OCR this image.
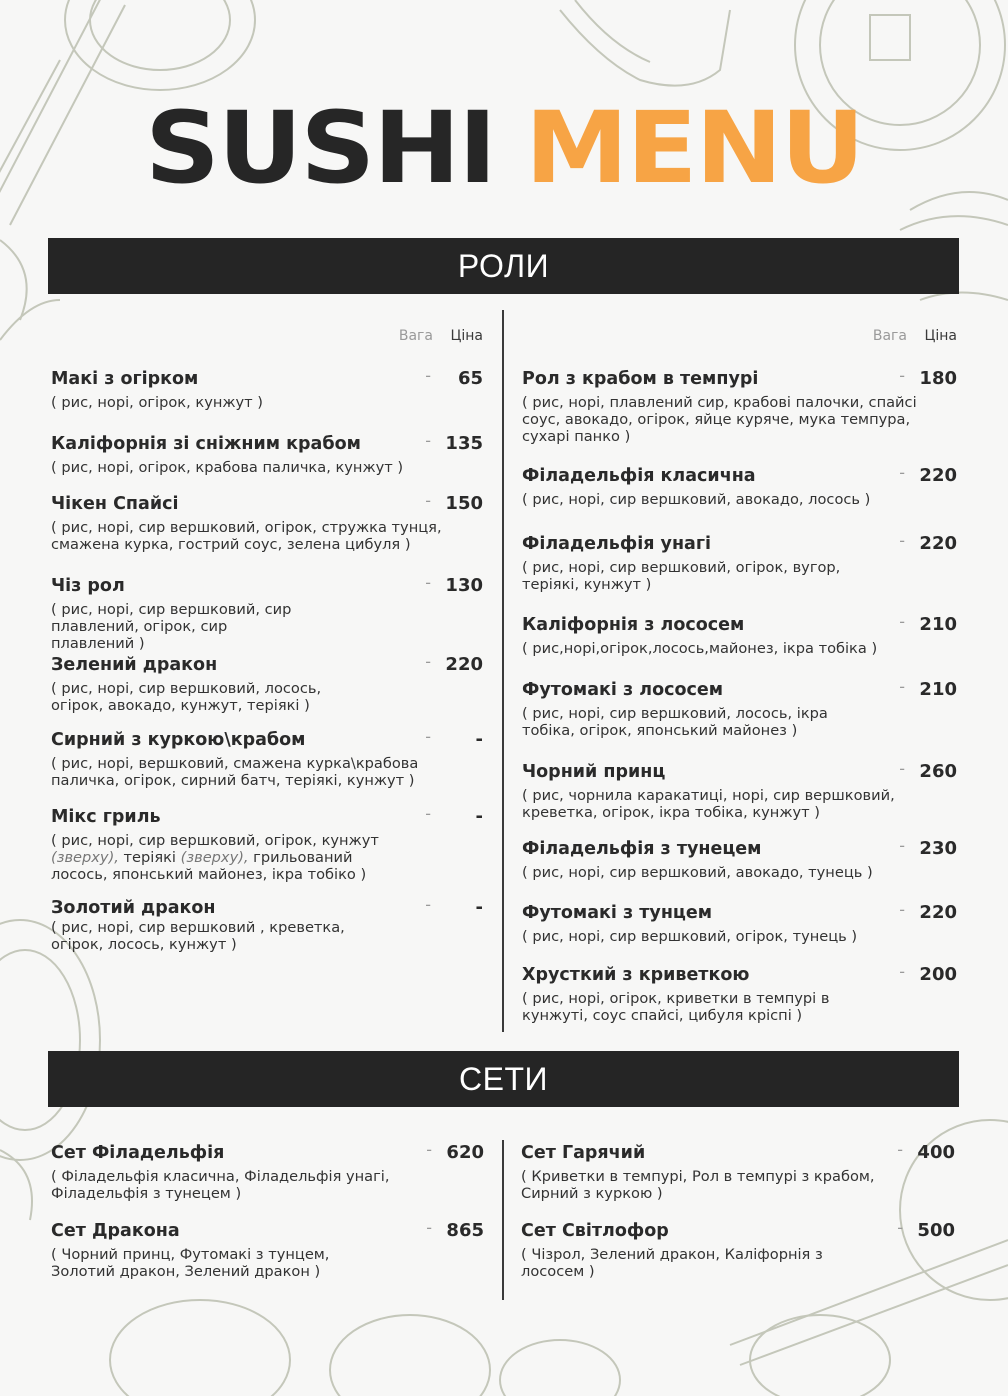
SUSHI MENU
РОЛИ
Вага Ціна
Макі з огірком	- 65
( рис, норі, огірок, кунжут )
Каліфорнія зі сніжним крабом	- 135
( рис, норі, огірок, крабова паличка, кунжут )
Чікен Спайсі	- 150
( рис, норі, сир вершковий, огірок, стружка тунця, смажена курка, гострий соус, зелена цибуля )
Чіз рол	- 130
( рис, норі, сир вершковий, сир плавлений, огірок, сир плавлений )
Зелений дракон	- 220
( рис, норі, сир вершковий, лосось, огірок, авокадо, кунжут, теріякі )
Сирний з куркою\крабом	- -
( рис, норі, вершковий, смажена курка\крабова паличка, огірок, сирний батч, теріякі, кунжут )
Мікс гриль	- -
( рис, норі, сир вершковий, огірок, кунжут (зверху), теріякі (зверху), грильований лосось, японський майонез, ікра тобіко )
Золотий дракон	- -
( рис, норі, сир вершковий , креветка, огірок, лосось, кунжут )
Вага Ціна
Рол з крабом в темпурі	- 180
( рис, норі, плавлений сир, крабові палочки, спайсі соус, авокадо, огірок, яйце куряче, мука темпура, сухарі панко )
Філадельфія класична	- 220
( рис, норі, сир вершковий, авокадо, лосось )
Філадельфія унагі	- 220
( рис, норі, сир вершковий, огірок, вугор, теріякі, кунжут )
Каліфорнія з лососем	- 210
( рис,норі,огірок,лосось,майонез, ікра тобіка )
Футомакі з лососем	- 210
( рис, норі, сир вершковий, лосось, ікра тобіка, огірок, японський майонез )
Чорний принц	- 260
( рис, чорнила каракатиці, норі, сир вершковий, креветка, огірок, ікра тобіка, кунжут )
Філадельфія з тунецем	- 230
( рис, норі, сир вершковий, авокадо, тунець )
Футомакі з тунцем	- 220
( рис, норі, сир вершковий, огірок, тунець )
Хрусткий з криветкою	- 200
( рис, норі, огірок, криветки в темпурі в кунжуті, соус спайсі, цибуля кріспі )
СЕТИ
Сет Філадельфія	- 620
( Філадельфія класична, Філадельфія унагі, Філадельфія з тунецем )
Сет Дракона	- 865
( Чорний принц, Футомакі з тунцем, Золотий дракон, Зелений дракон )
Сет Гарячий	- 400
( Криветки в темпурі, Рол в темпурі з крабом, Сирний з куркою )
Сет Світлофор	- 500
( Чізрол, Зелений дракон, Каліфорнія з лососем )
